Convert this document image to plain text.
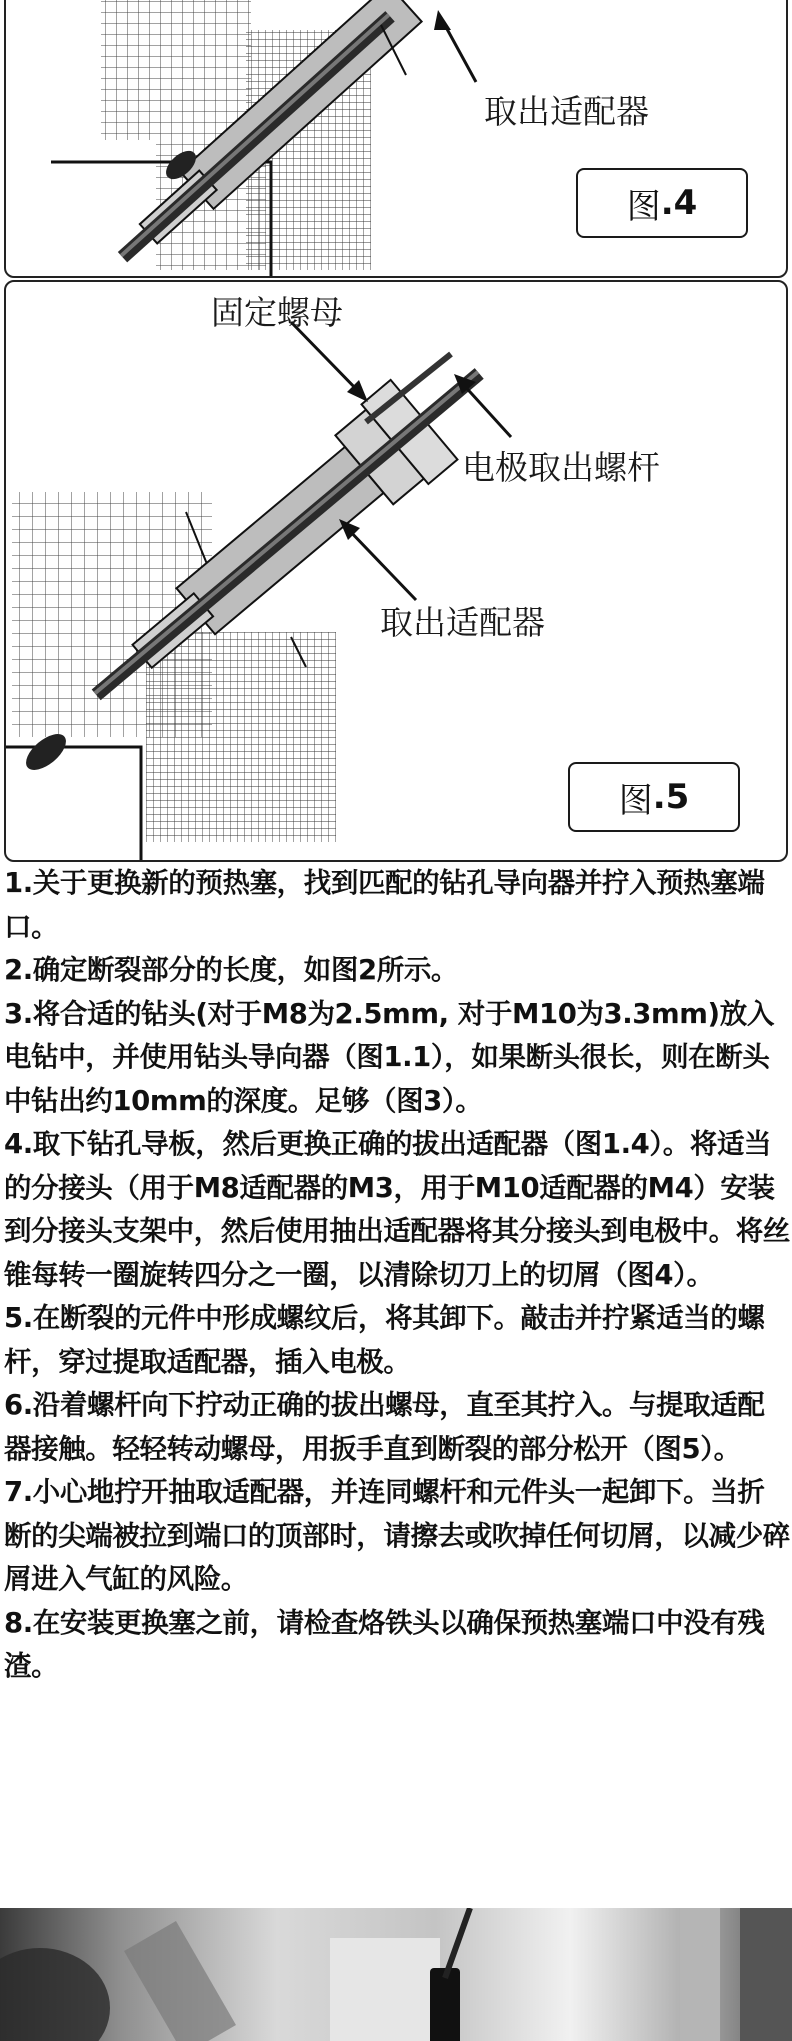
取出适配器
图 .4
固定螺母
电极取出螺杆
取出适配器
图 .5

1.关于更换新的预热塞，找到匹配的钻孔导向器并拧入预热塞端口。

2.确定断裂部分的长度，如图2所示。

3.将合适的钻头(对于M8为2.5mm, 对于M10为3.3mm)放入电钻中，并使用钻头导向器（图1.1），如果断头很长，则在断头中钻出约10mm的深度。足够（图3）。

4.取下钻孔导板，然后更换正确的拔出适配器（图1.4）。将适当的分接头（用于M8适配器的M3，用于M10适配器的M4）安装到分接头支架中，然后使用抽出适配器将其分接头到电极中。将丝锥每转一圈旋转四分之一圈，以清除切刀上的切屑（图4）。

5.在断裂的元件中形成螺纹后，将其卸下。敲击并拧紧适当的螺杆，穿过提取适配器，插入电极。

6.沿着螺杆向下拧动正确的拔出螺母，直至其拧入。与提取适配器接触。轻轻转动螺母，用扳手直到断裂的部分松开（图5）。

7.小心地拧开抽取适配器，并连同螺杆和元件头一起卸下。当折断的尖端被拉到端口的顶部时，请擦去或吹掉任何切屑，以减少碎屑进入气缸的风险。

8.在安装更换塞之前，请检查烙铁头以确保预热塞端口中没有残渣。
